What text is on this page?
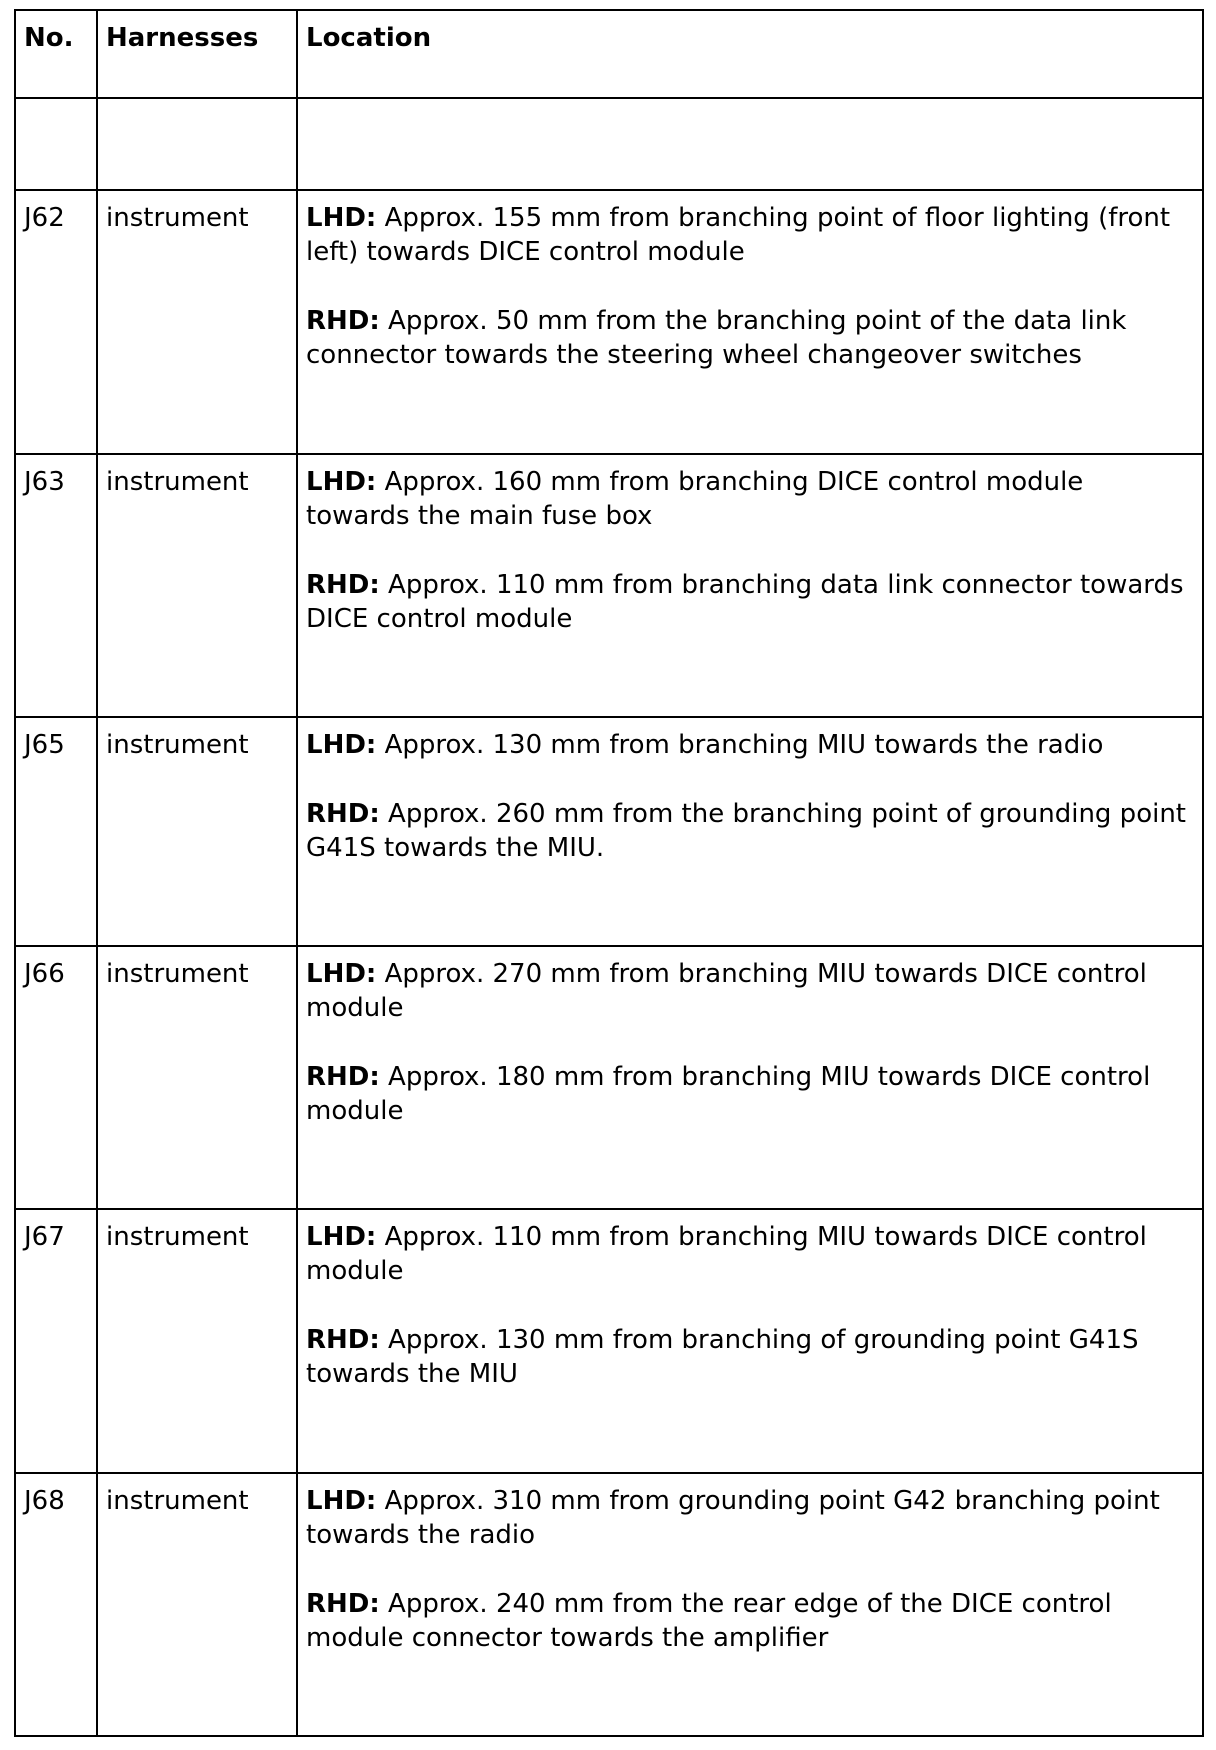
No.	Harnesses	Location

J62	instrument	LHD: Approx. 155 mm from branching point of floor lighting (front left) towards DICE control module

RHD: Approx. 50 mm from the branching point of the data link connector towards the steering wheel changeover switches

J63	instrument	LHD: Approx. 160 mm from branching DICE control module towards the main fuse box

RHD: Approx. 110 mm from branching data link connector towards DICE control module

J65	instrument	LHD: Approx. 130 mm from branching MIU towards the radio

RHD: Approx. 260 mm from the branching point of grounding point G41S towards the MIU.

J66	instrument	LHD: Approx. 270 mm from branching MIU towards DICE control module

RHD: Approx. 180 mm from branching MIU towards DICE control module

J67	instrument	LHD: Approx. 110 mm from branching MIU towards DICE control module

RHD: Approx. 130 mm from branching of grounding point G41S towards the MIU

J68	instrument	LHD: Approx. 310 mm from grounding point G42 branching point towards the radio

RHD: Approx. 240 mm from the rear edge of the DICE control module connector towards the amplifier
